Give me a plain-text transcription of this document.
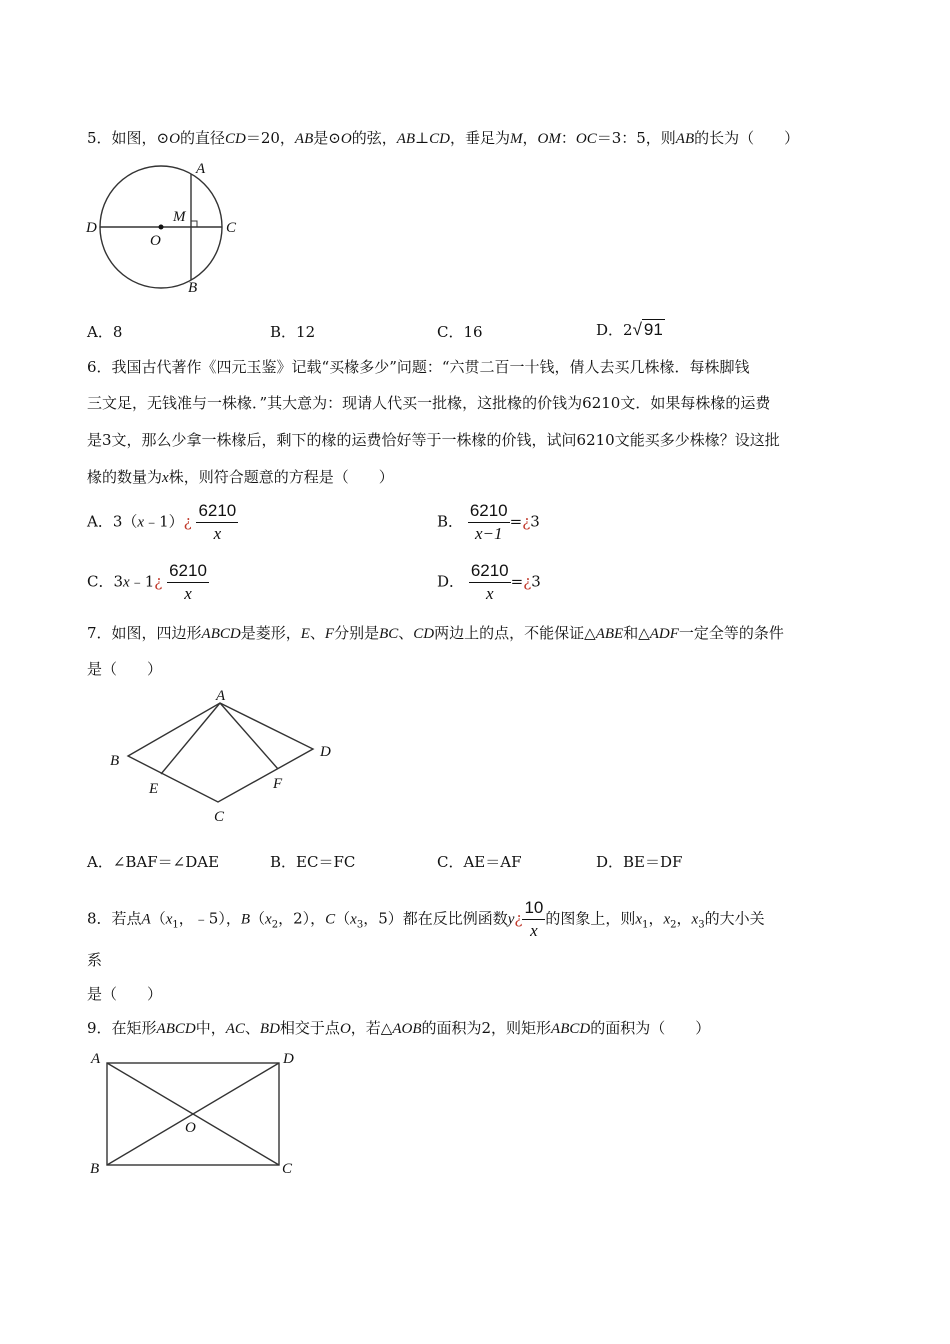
5．如图，⊙O的直径CD＝20，AB是⊙O的弦，AB⊥CD，垂足为M，OM：OC＝3：5，则AB的长为（　　）
A
B
C
D
O
M
A．8	B．12	C．16	D．2√ 91
6．我国古代著作《四元玉鉴》记载“买椽多少”问题：“六贯二百一十钱，倩人去买几株椽．每株脚钱
三文足，无钱准与一株椽．”其大意为：现请人代买一批椽，这批椽的价钱为6210文．如果每株椽的运费
是3文，那么少拿一株椽后，剩下的椽的运费恰好等于一株椽的价钱，试问6210文能买多少株椽？设这批
椽的数量为x株，则符合题意的方程是（　　）
A．3（x﹣1）¿ $\frac{6210}{x}$	B． $\frac{6210}{x-1}$ =¿3
C．3x﹣1¿ $\frac{6210}{x}$	D． $\frac{6210}{x}$ =¿3
7．如图，四边形ABCD是菱形，E、F分别是BC、CD两边上的点，不能保证△ABE和△ADF一定全等的条件
是（　　）
A
B
C
D
E	F
A．∠BAF＝∠DAE	B．EC＝FC	C．AE＝AF	D．BE＝DF
8．若点$A(x_1$，﹣5），$B(x_2$，2），$C(x_3$，5）都在反比例函数y¿ $\frac{10}{x}$ 的图象上，则$x_1$，$x_2$，$x_3$的大小关
系
是（　　）
9．在矩形ABCD中，AC、BD相交于点O，若△AOB的面积为2，则矩形ABCD的面积为（　　）
A
B	C
D
O
